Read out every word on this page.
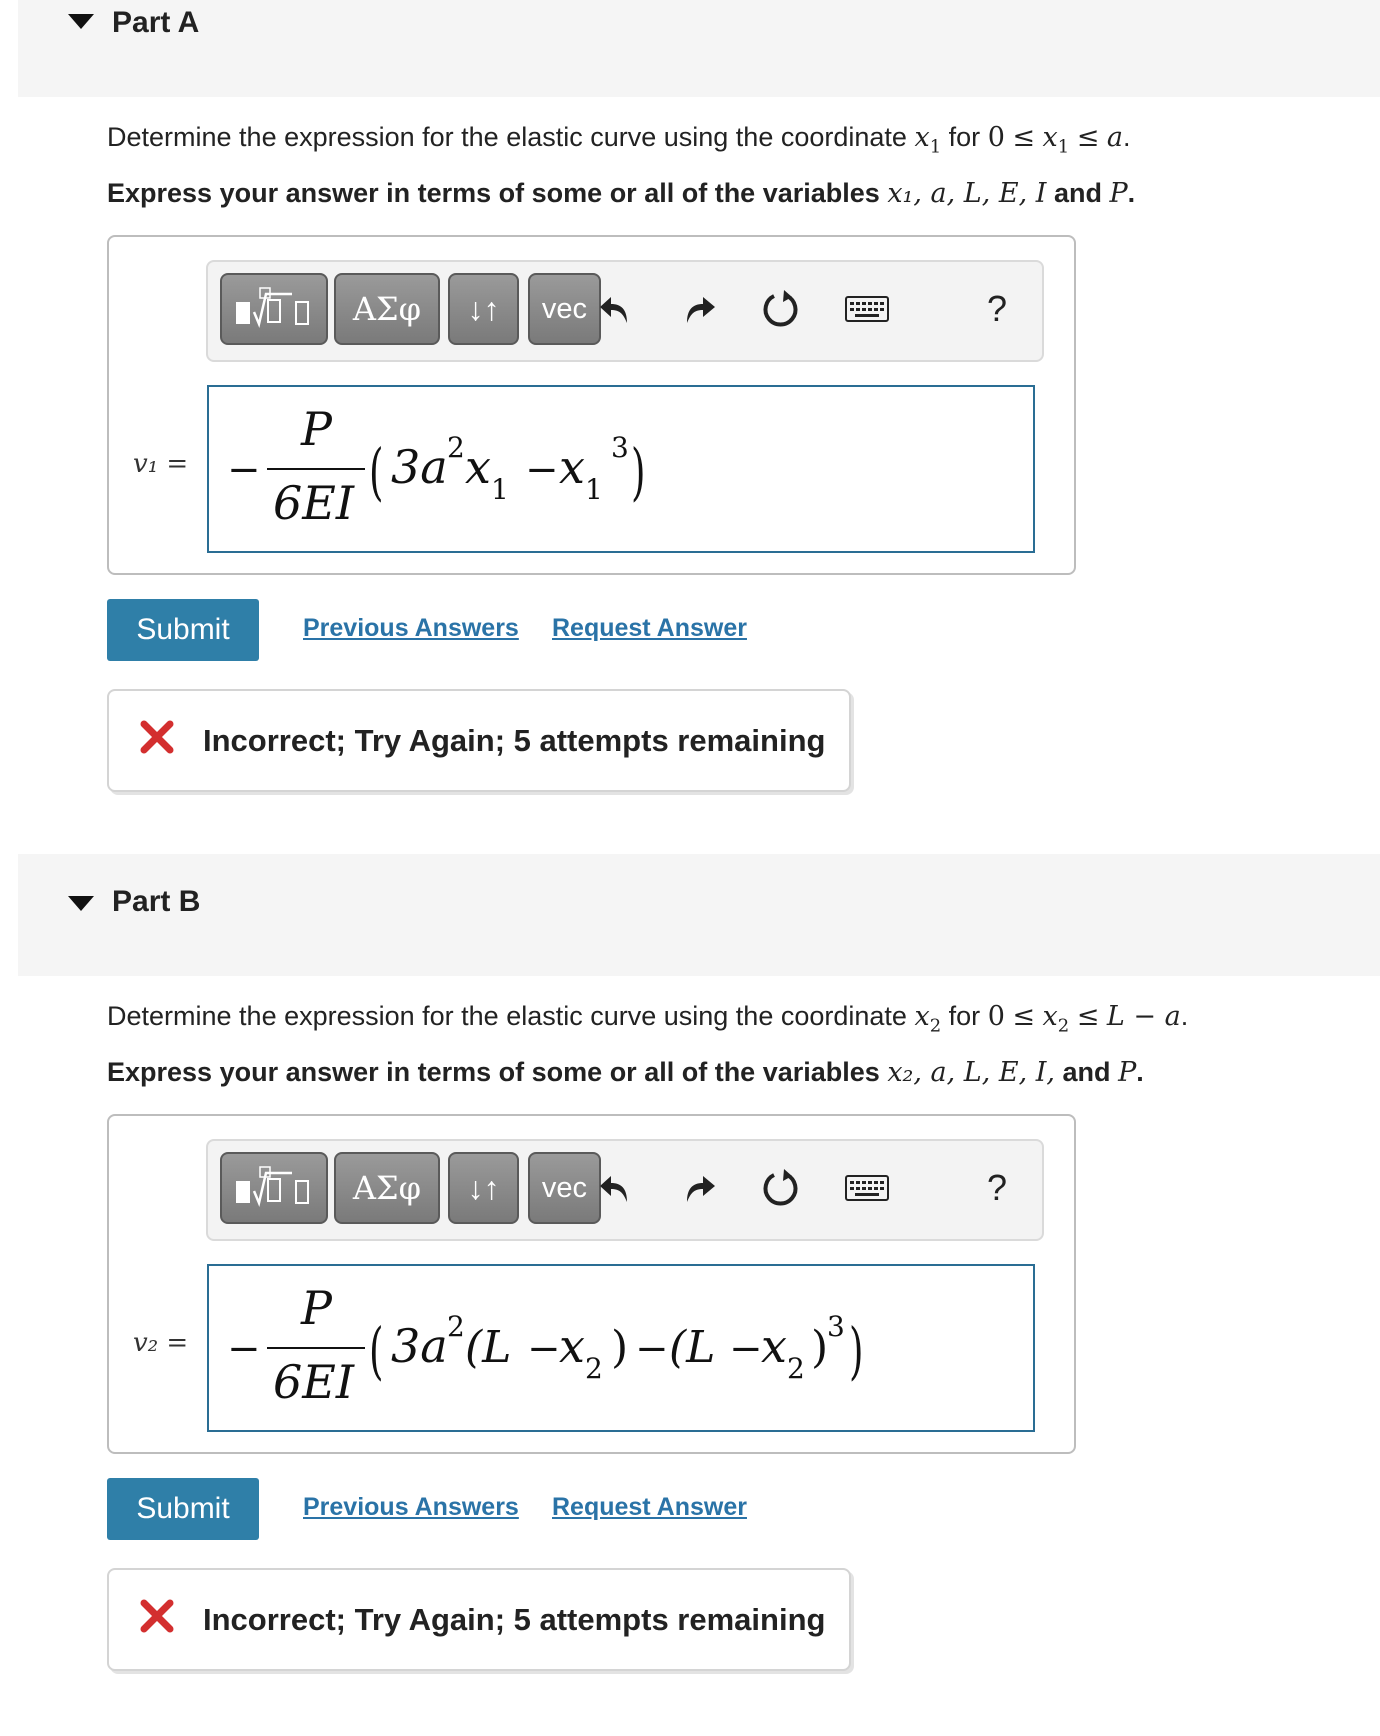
Part A
Determine the expression for the elastic curve using the coordinate $x_1$ for $0 \le x_1 \le a$.
Express your answer in terms of some or all of the variables x₁, a, L, E, I and P.
ΑΣφ	↓↑	vec	?
v₁ = −
P
6EI ( 3a 2 x 1 − x 1
3 )
Submit	Previous Answers Request Answer
Incorrect; Try Again; 5 attempts remaining
Part B
Determine the expression for the elastic curve using the coordinate $x_2$ for $0 \le x_2 \le L - a$.
Express your answer in terms of some or all of the variables x₂, a, L, E, I, and P.
ΑΣφ	↓↑	vec	?
v₂ = −
P
6EI ( 3a 2 (L −
x 2 ) − (L −
x 2 )
3 )
Submit	Previous Answers Request Answer
Incorrect; Try Again; 5 attempts remaining
